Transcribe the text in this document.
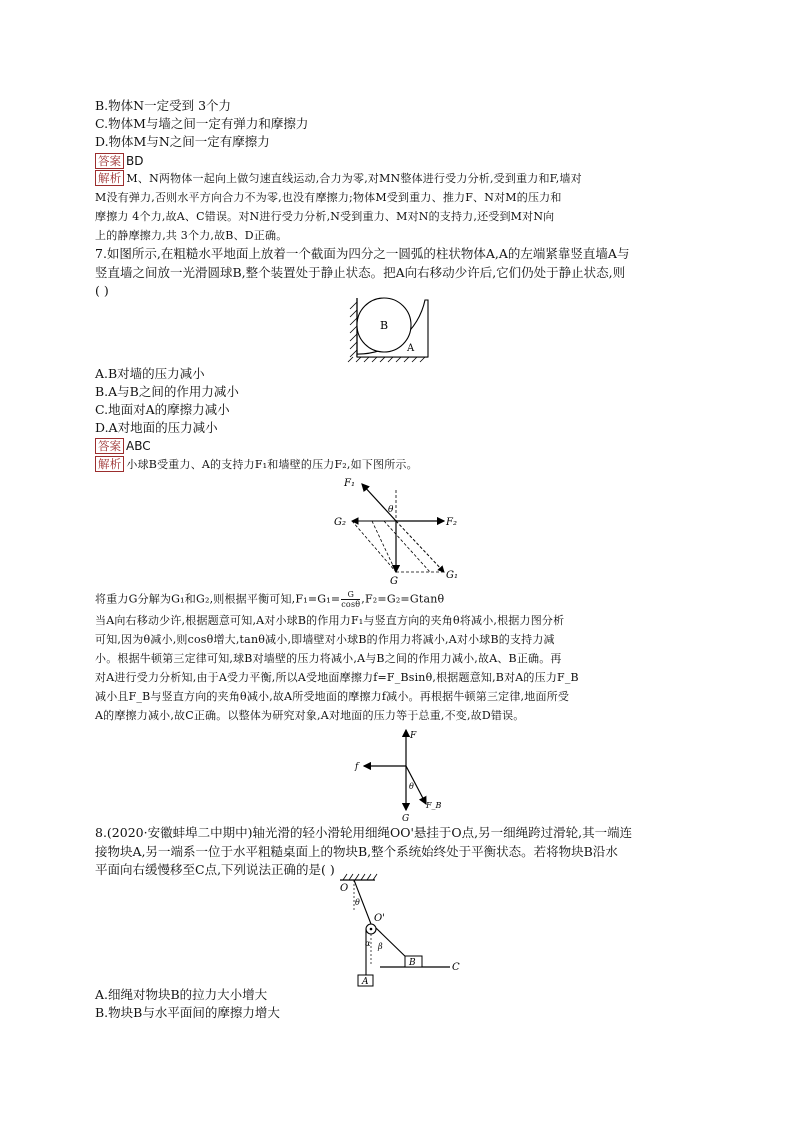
B.物体N一定受到 3个力
C.物体M与墙之间一定有弹力和摩擦力
D.物体M与N之间一定有摩擦力
答案 BD
解析 M、N两物体一起向上做匀速直线运动,合力为零,对MN整体进行受力分析,受到重力和F,墙对
M没有弹力,否则水平方向合力不为零,也没有摩擦力;物体M受到重力、推力F、N对M的压力和
摩擦力 4个力,故A、C错误。对N进行受力分析,N受到重力、M对N的支持力,还受到M对N向
上的静摩擦力,共 3个力,故B、D正确。
7.如图所示,在粗糙水平地面上放着一个截面为四分之一圆弧的柱状物体A,A的左端紧靠竖直墙A与
竖直墙之间放一光滑圆球B,整个装置处于静止状态。把A向右移动少许后,它们仍处于静止状态,则
( )
B
A
A.B对墙的压力减小
B.A与B之间的作用力减小
C.地面对A的摩擦力减小
D.A对地面的压力减小
答案 ABC
解析 小球B受重力、A的支持力F₁和墙壁的压力F₂,如下图所示。
F₁
G₂
θ
F₂
G
G₁
将重力G分解为G₁和G₂,则根据平衡可知$,F_1=G_1= \frac{G}{\cos\theta} ,F_2=G_2=Gtan\theta$
当A向右移动少许,根据题意可知,A对小球B的作用力F₁与竖直方向的夹角θ将减小,根据力图分析
可知,因为θ减小,则cosθ增大,tanθ减小,即墙壁对小球B的作用力将减小,A对小球B的支持力减
小。根据牛顿第三定律可知,球B对墙壁的压力将减小,A与B之间的作用力减小,故A、B正确。再
对A进行受力分析知,由于A受力平衡,所以A受地面摩擦力f=F_Bsinθ,根据题意知,B对A的压力F_B
减小且F_B与竖直方向的夹角θ减小,故A所受地面的摩擦力f减小。再根据牛顿第三定律,地面所受
A的摩擦力减小,故C正确。以整体为研究对象,A对地面的压力等于总重,不变,故D错误。
F
f
θ
G
F_B
8.(2020·安徽蚌埠二中期中)轴光滑的轻小滑轮用细绳OO'悬挂于O点,另一细绳跨过滑轮,其一端连
接物块A,另一端系一位于水平粗糙桌面上的物块B,整个系统始终处于平衡状态。若将物块B沿水
平面向右缓慢移至C点,下列说法正确的是( )
O
θ
O'
α β
B	C
A
A.细绳对物块B的拉力大小增大
B.物块B与水平面间的摩擦力增大
